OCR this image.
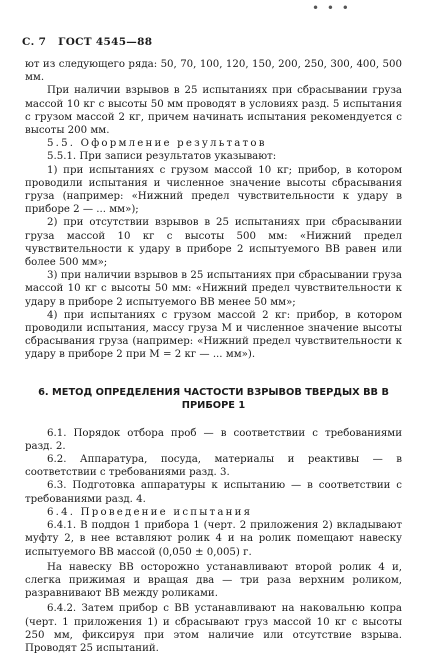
• • •
С. 7 ГОСТ 4545—88

ют из следующего ряда: 50, 70, 100, 120, 150, 200, 250, 300, 400, 500 мм.

При наличии взрывов в 25 испытаниях при сбрасывании груза массой 10 кг с высоты 50 мм проводят в условиях разд. 5 испытания с грузом массой 2 кг, причем начинать испытания рекомендуется с высоты 200 мм.

5.5. Оформление результатов

5.5.1. При записи результатов указывают:

1) при испытаниях с грузом массой 10 кг; прибор, в котором проводили испытания и численное значение высоты сбрасывания груза (например: «Нижний предел чувствительности к удару в приборе 2 — ... мм»);

2) при отсутствии взрывов в 25 испытаниях при сбрасывании груза массой 10 кг с высоты 500 мм: «Нижний предел чувствительности к удару в приборе 2 испытуемого ВВ равен или более 500 мм»;

3) при наличии взрывов в 25 испытаниях при сбрасывании груза массой 10 кг с высоты 50 мм: «Нижний предел чувствительности к удару в приборе 2 испытуемого ВВ менее 50 мм»;

4) при испытаниях с грузом массой 2 кг: прибор, в котором проводили испытания, массу груза М и численное значение высоты сбрасывания груза (например: «Нижний предел чувствительности к удару в приборе 2 при М = 2 кг — ... мм»).

6. МЕТОД ОПРЕДЕЛЕНИЯ ЧАСТОСТИ ВЗРЫВОВ ТВЕРДЫХ ВВ В ПРИБОРЕ 1

6.1. Порядок отбора проб — в соответствии с требованиями разд. 2.

6.2. Аппаратура, посуда, материалы и реактивы — в соответствии с требованиями разд. 3.

6.3. Подготовка аппаратуры к испытанию — в соответствии с требованиями разд. 4.

6.4. Проведение испытания

6.4.1. В поддон 1 прибора 1 (черт. 2 приложения 2) вкладывают муфту 2, в нее вставляют ролик 4 и на ролик помещают навеску испытуемого ВВ массой (0,050 ± 0,005) г.

На навеску ВВ осторожно устанавливают второй ролик 4 и, слегка прижимая и вращая два — три раза верхним роликом, разравнивают ВВ между роликами.

6.4.2. Затем прибор с ВВ устанавливают на наковальню копра (черт. 1 приложения 1) и сбрасывают груз массой 10 кг с высоты 250 мм, фиксируя при этом наличие или отсутствие взрыва. Проводят 25 испытаний.
